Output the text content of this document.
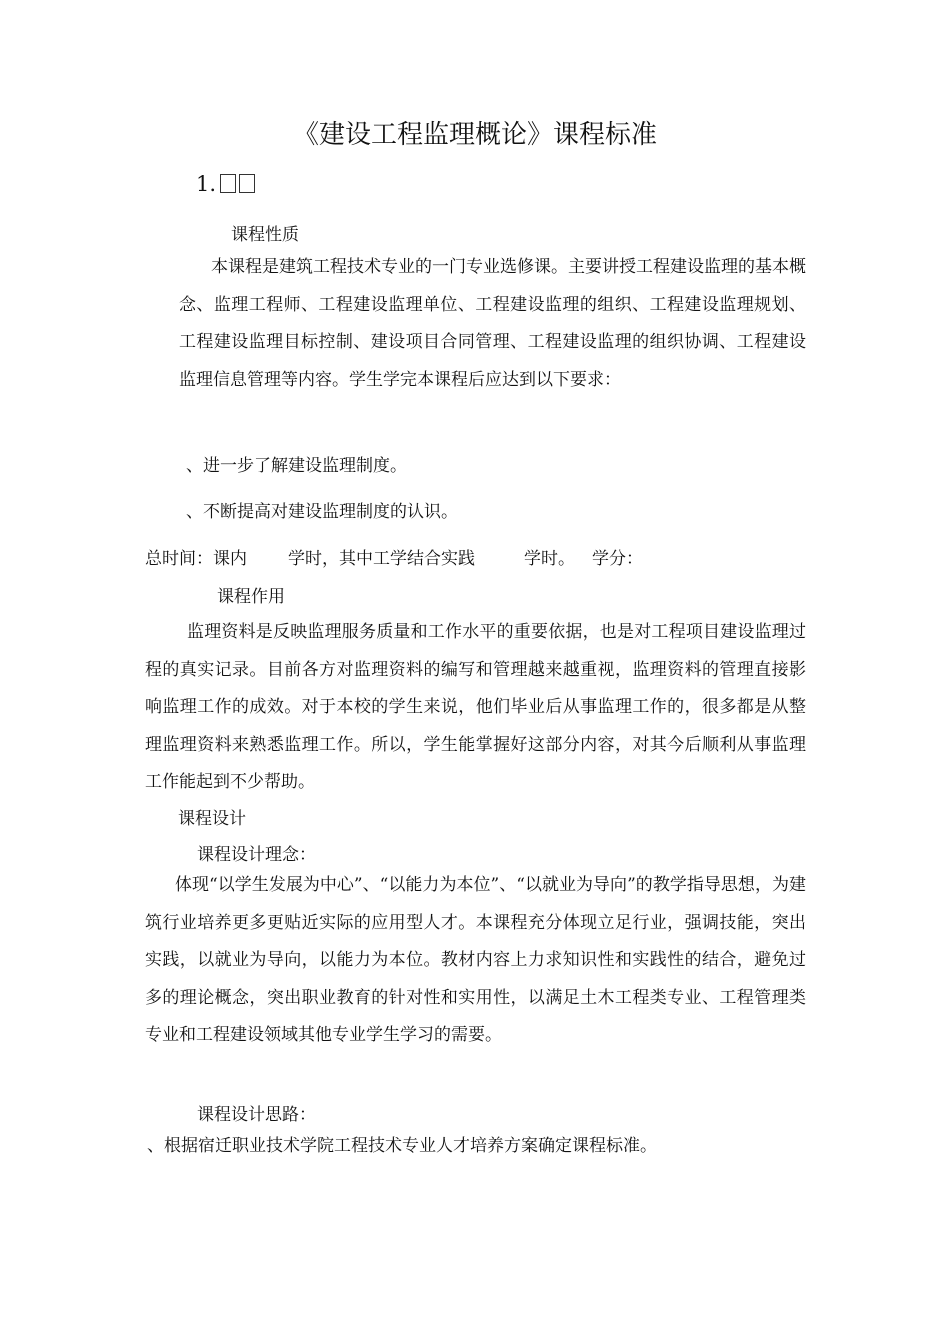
《建设工程监理概论》课程标准
1.
课程性质
本课程是建筑工程技术专业的一门专业选修课。主要讲授工程建设监理的基本概念、监理工程师、工程建设监理单位、工程建设监理的组织、工程建设监理规划、工程建设监理目标控制、建设项目合同管理、工程建设监理的组织协调、工程建设监理信息管理等内容。学生学完本课程后应达到以下要求：
、进一步了解建设监理制度。
、不断提高对建设监理制度的认识。
总时间：课内 学时，其中工学结合实践	学时。 学分：
课程作用
监理资料是反映监理服务质量和工作水平的重要依据，也是对工程项目建设监理过程的真实记录。目前各方对监理资料的编写和管理越来越重视，监理资料的管理直接影响监理工作的成效。对于本校的学生来说，他们毕业后从事监理工作的，很多都是从整理监理资料来熟悉监理工作。所以，学生能掌握好这部分内容，对其今后顺利从事监理工作能起到不少帮助。
课程设计
课程设计理念：
体现“以学生发展为中心”、“以能力为本位”、“以就业为导向”的教学指导思想，为建筑行业培养更多更贴近实际的应用型人才。本课程充分体现立足行业，强调技能，突出实践，以就业为导向，以能力为本位。教材内容上力求知识性和实践性的结合，避免过多的理论概念，突出职业教育的针对性和实用性，以满足土木工程类专业、工程管理类专业和工程建设领域其他专业学生学习的需要。
课程设计思路：
、根据宿迁职业技术学院工程技术专业人才培养方案确定课程标准。
